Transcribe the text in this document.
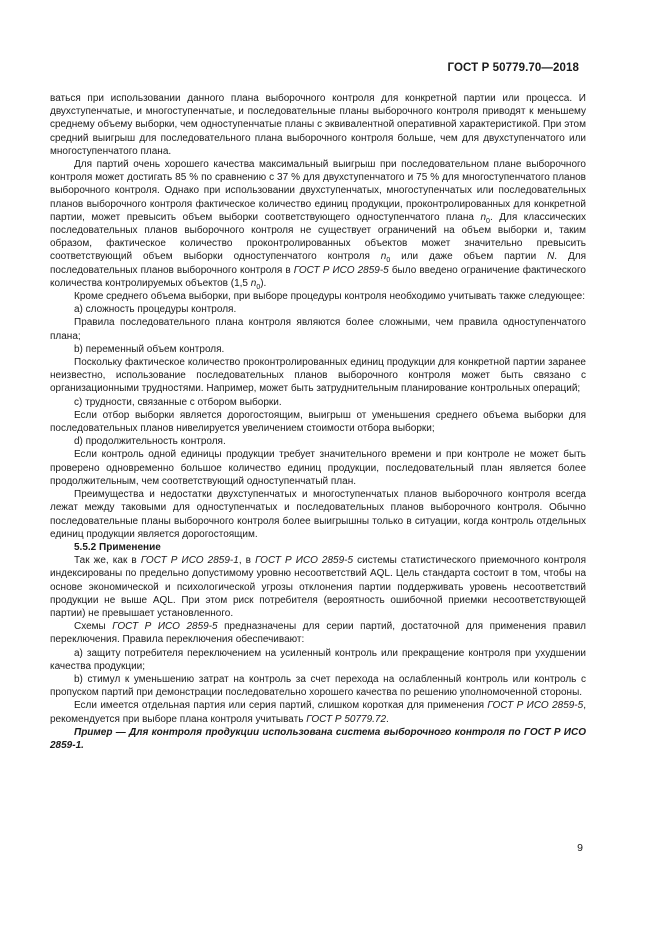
ГОСТ Р 50779.70—2018

ваться при использовании данного плана выборочного контроля для конкретной партии или процесса. И двухступенчатые, и многоступенчатые, и последовательные планы выборочного контроля приводят к меньшему среднему объему выборки, чем одноступенчатые планы с эквивалентной оперативной характеристикой. При этом средний выигрыш для последовательного плана выборочного контроля больше, чем для двухступенчатого или многоступенчатого плана.

Для партий очень хорошего качества максимальный выигрыш при последовательном плане выборочного контроля может достигать 85 % по сравнению с 37 % для двухступенчатого и 75 % для многоступенчатого планов выборочного контроля. Однако при использовании двухступенчатых, многоступенчатых или последовательных планов выборочного контроля фактическое количество единиц продукции, проконтролированных для конкретной партии, может превысить объем выборки соответствующего одноступенчатого плана $n_0$. Для классических последовательных планов выборочного контроля не существует ограничений на объем выборки и, таким образом, фактическое количество проконтролированных объектов может значительно превысить соответствующий объем выборки одноступенчатого контроля $n_0$ или даже объем партии N. Для последовательных планов выборочного контроля в ГОСТ Р ИСО 2859-5 было введено ограничение фактического количества контролируемых объектов (1,5 $n_0$).

Кроме среднего объема выборки, при выборе процедуры контроля необходимо учитывать также следующее:

a) сложность процедуры контроля.

Правила последовательного плана контроля являются более сложными, чем правила одноступенчатого плана;

b) переменный объем контроля.

Поскольку фактическое количество проконтролированных единиц продукции для конкретной партии заранее неизвестно, использование последовательных планов выборочного контроля может быть связано с организационными трудностями. Например, может быть затруднительным планирование контрольных операций;

c) трудности, связанные с отбором выборки.

Если отбор выборки является дорогостоящим, выигрыш от уменьшения среднего объема выборки для последовательных планов нивелируется увеличением стоимости отбора выборки;

d) продолжительность контроля.

Если контроль одной единицы продукции требует значительного времени и при контроле не может быть проверено одновременно большое количество единиц продукции, последовательный план является более продолжительным, чем соответствующий одноступенчатый план.

Преимущества и недостатки двухступенчатых и многоступенчатых планов выборочного контроля всегда лежат между таковыми для одноступенчатых и последовательных планов выборочного контроля. Обычно последовательные планы выборочного контроля более выигрышны только в ситуации, когда контроль отдельных единиц продукции является дорогостоящим.

5.5.2 Применение

Так же, как в ГОСТ Р ИСО 2859-1, в ГОСТ Р ИСО 2859-5 системы статистического приемочного контроля индексированы по предельно допустимому уровню несоответствий AQL. Цель стандарта состоит в том, чтобы на основе экономической и психологической угрозы отклонения партии поддерживать уровень несоответствий продукции не выше AQL. При этом риск потребителя (вероятность ошибочной приемки несоответствующей партии) не превышает установленного.

Схемы ГОСТ Р ИСО 2859-5 предназначены для серии партий, достаточной для применения правил переключения. Правила переключения обеспечивают:

a) защиту потребителя переключением на усиленный контроль или прекращение контроля при ухудшении качества продукции;

b) стимул к уменьшению затрат на контроль за счет перехода на ослабленный контроль или контроль с пропуском партий при демонстрации последовательно хорошего качества по решению уполномоченной стороны.

Если имеется отдельная партия или серия партий, слишком короткая для применения ГОСТ Р ИСО 2859-5, рекомендуется при выборе плана контроля учитывать ГОСТ Р 50779.72.

Пример — Для контроля продукции использована система выборочного контроля по ГОСТ Р ИСО 2859-1.

9
